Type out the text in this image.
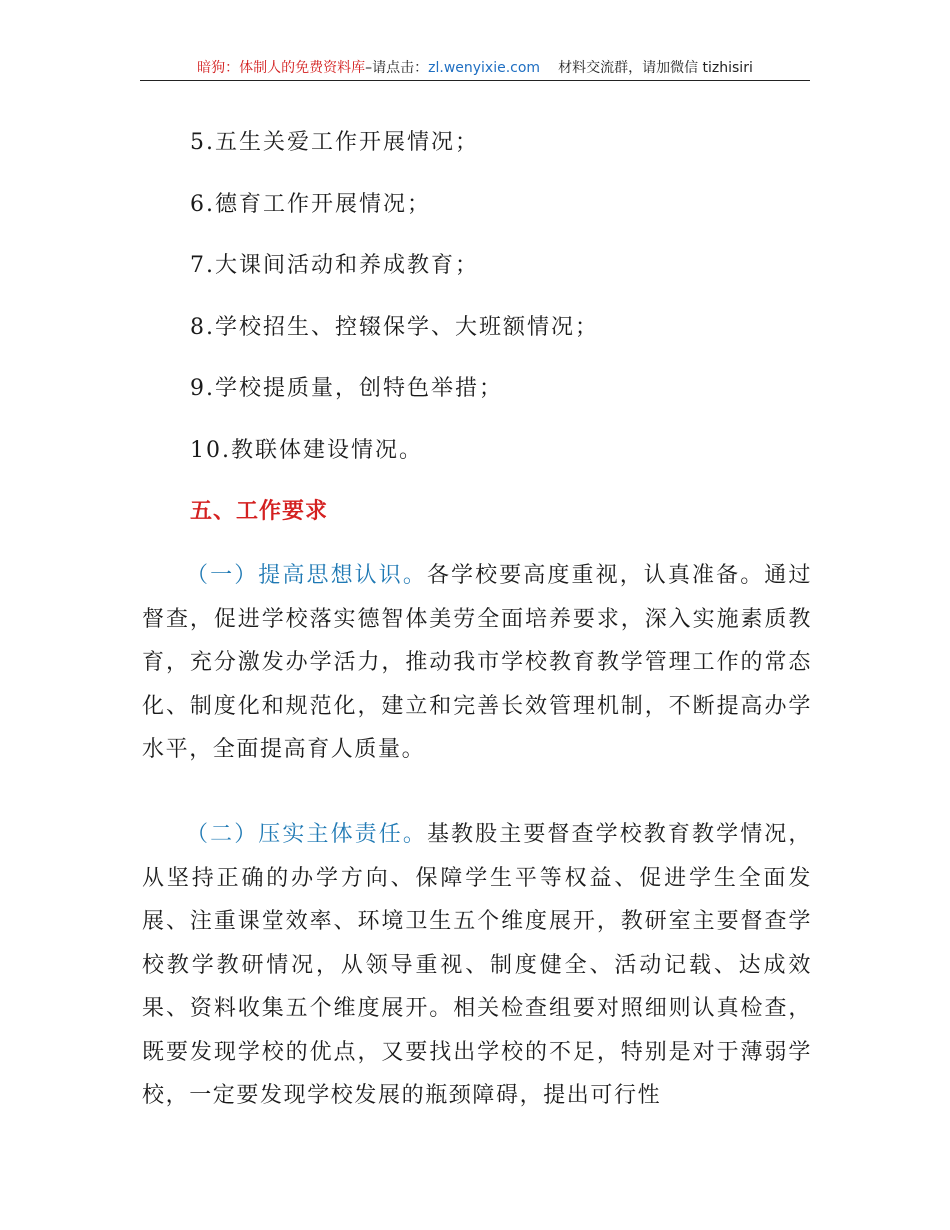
暗狗：体制人的免费资料库–请点击：zl.wenyixie.com 材料交流群，请加微信 tizhisiri
5.五生关爱工作开展情况；
6.德育工作开展情况；
7.大课间活动和养成教育；
8.学校招生、控辍保学、大班额情况；
9.学校提质量，创特色举措；
10.教联体建设情况。
五、工作要求
（一）提高思想认识。各学校要高度重视，认真准备。通过督查，促进学校落实德智体美劳全面培养要求，深入实施素质教育，充分激发办学活力，推动我市学校教育教学管理工作的常态化、制度化和规范化，建立和完善长效管理机制，不断提高办学水平，全面提高育人质量。
（二）压实主体责任。基教股主要督查学校教育教学情况，从坚持正确的办学方向、保障学生平等权益、促进学生全面发展、注重课堂效率、环境卫生五个维度展开，教研室主要督查学校教学教研情况，从领导重视、制度健全、活动记载、达成效果、资料收集五个维度展开。相关检查组要对照细则认真检查，既要发现学校的优点，又要找出学校的不足，特别是对于薄弱学校，一定要发现学校发展的瓶颈障碍，提出可行性
